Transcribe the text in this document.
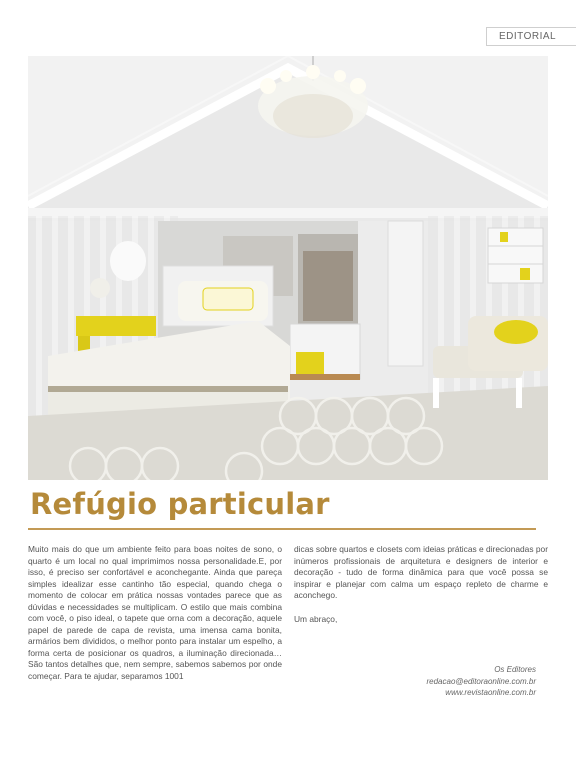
EDITORIAL
Refúgio particular

Muito mais do que um ambiente feito para boas noites de sono, o quarto é um local no qual imprimimos nossa personalidade.E, por isso, é preciso ser confortável e aconchegante. Ainda que pareça simples idealizar esse cantinho tão especial, quando chega o momento de colocar em prática nossas vontades parece que as dúvidas e necessidades se multiplicam. O estilo que mais combina com você, o piso ideal, o tapete que orna com a decoração, aquele papel de parede de capa de revista, uma imensa cama bonita, armários bem divididos, o melhor ponto para instalar um espelho, a forma certa de posicionar os quadros, a iluminação direcionada… São tantos detalhes que, nem sempre, sabemos sabemos por onde começar. Para te ajudar, separamos 1001

dicas sobre quartos e closets com ideias práticas e direcionadas por inúmeros profissionais de arquitetura e designers de interior e decoração - tudo de forma dinâmica para que você possa se inspirar e planejar com calma um espaço repleto de charme e aconchego.

Um abraço,

Os Editores
redacao@editoraonline.com.br
www.revistaonline.com.br
